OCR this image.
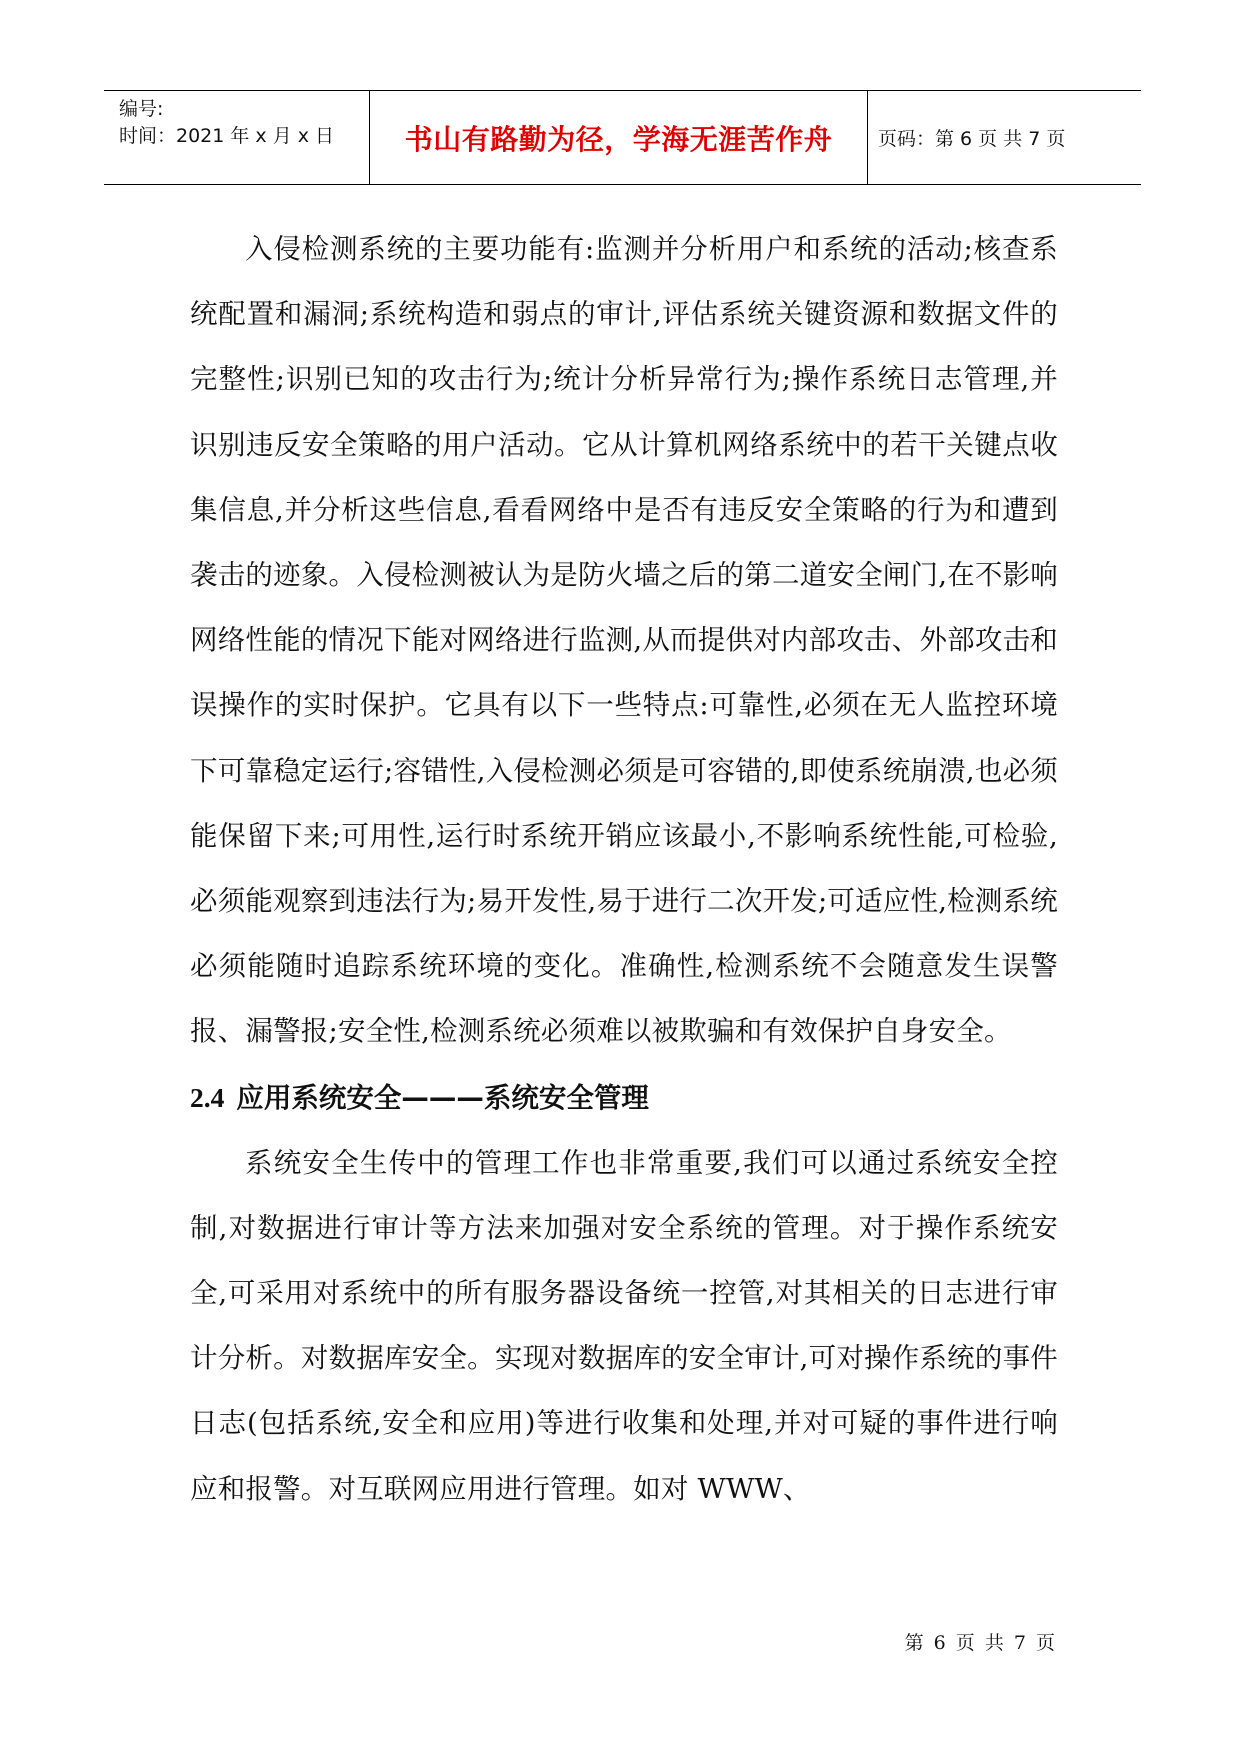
编号:
时间：2021 年 x 月 x 日	书山有路勤为径，学海无涯苦作舟 页码：第 6 页 共 7 页

入侵检测系统的主要功能有:监测并分析用户和系统的活动;核查系统配置和漏洞;系统构造和弱点的审计,评估系统关键资源和数据文件的完整性;识别已知的攻击行为;统计分析异常行为;操作系统日志管理,并识别违反安全策略的用户活动。它从计算机网络系统中的若干关键点收集信息,并分析这些信息,看看网络中是否有违反安全策略的行为和遭到袭击的迹象。入侵检测被认为是防火墙之后的第二道安全闸门,在不影响网络性能的情况下能对网络进行监测,从而提供对内部攻击、外部攻击和误操作的实时保护。它具有以下一些特点:可靠性,必须在无人监控环境下可靠稳定运行;容错性,入侵检测必须是可容错的,即使系统崩溃,也必须能保留下来;可用性,运行时系统开销应该最小,不影响系统性能,可检验,必须能观察到违法行为;易开发性,易于进行二次开发;可适应性,检测系统必须能随时追踪系统环境的变化。准确性,检测系统不会随意发生误警报、漏警报;安全性,检测系统必须难以被欺骗和有效保护自身安全。

2.4 应用系统安全———系统安全管理

系统安全生传中的管理工作也非常重要,我们可以通过系统安全控制,对数据进行审计等方法来加强对安全系统的管理。对于操作系统安全,可采用对系统中的所有服务器设备统一控管,对其相关的日志进行审计分析。对数据库安全。实现对数据库的安全审计,可对操作系统的事件日志(包括系统,安全和应用)等进行收集和处理,并对可疑的事件进行响应和报警。对互联网应用进行管理。如对 WWW、

第 6 页 共 7 页
